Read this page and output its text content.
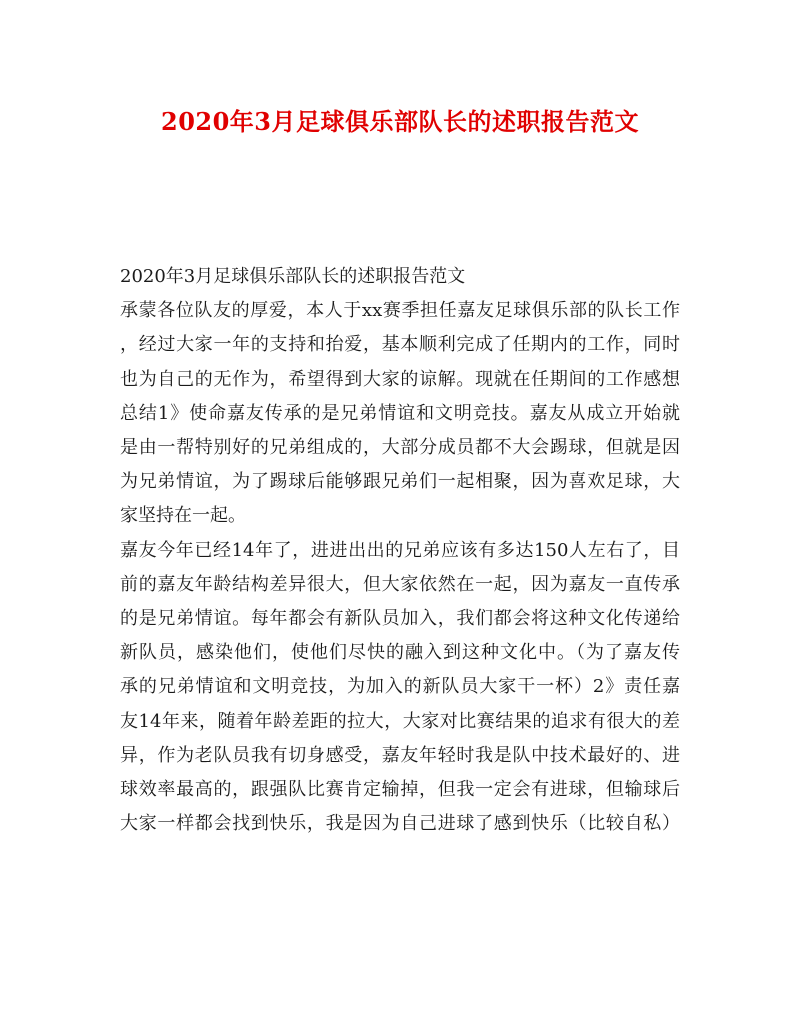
2020年3月足球俱乐部队长的述职报告范文
2020年3月足球俱乐部队长的述职报告范文
承蒙各位队友的厚爱，本人于xx赛季担任嘉友足球俱乐部的队长工作
，经过大家一年的支持和抬爱，基本顺利完成了任期内的工作，同时
也为自己的无作为，希望得到大家的谅解。现就在任期间的工作感想
总结1》使命嘉友传承的是兄弟情谊和文明竞技。嘉友从成立开始就
是由一帮特别好的兄弟组成的，大部分成员都不大会踢球，但就是因
为兄弟情谊，为了踢球后能够跟兄弟们一起相聚，因为喜欢足球，大
家坚持在一起。
嘉友今年已经14年了，进进出出的兄弟应该有多达150人左右了，目
前的嘉友年龄结构差异很大，但大家依然在一起，因为嘉友一直传承
的是兄弟情谊。每年都会有新队员加入，我们都会将这种文化传递给
新队员，感染他们，使他们尽快的融入到这种文化中。（为了嘉友传
承的兄弟情谊和文明竞技，为加入的新队员大家干一杯）2》责任嘉
友14年来，随着年龄差距的拉大，大家对比赛结果的追求有很大的差
异，作为老队员我有切身感受，嘉友年轻时我是队中技术最好的、进
球效率最高的，跟强队比赛肯定输掉，但我一定会有进球，但输球后
大家一样都会找到快乐，我是因为自己进球了感到快乐（比较自私）
